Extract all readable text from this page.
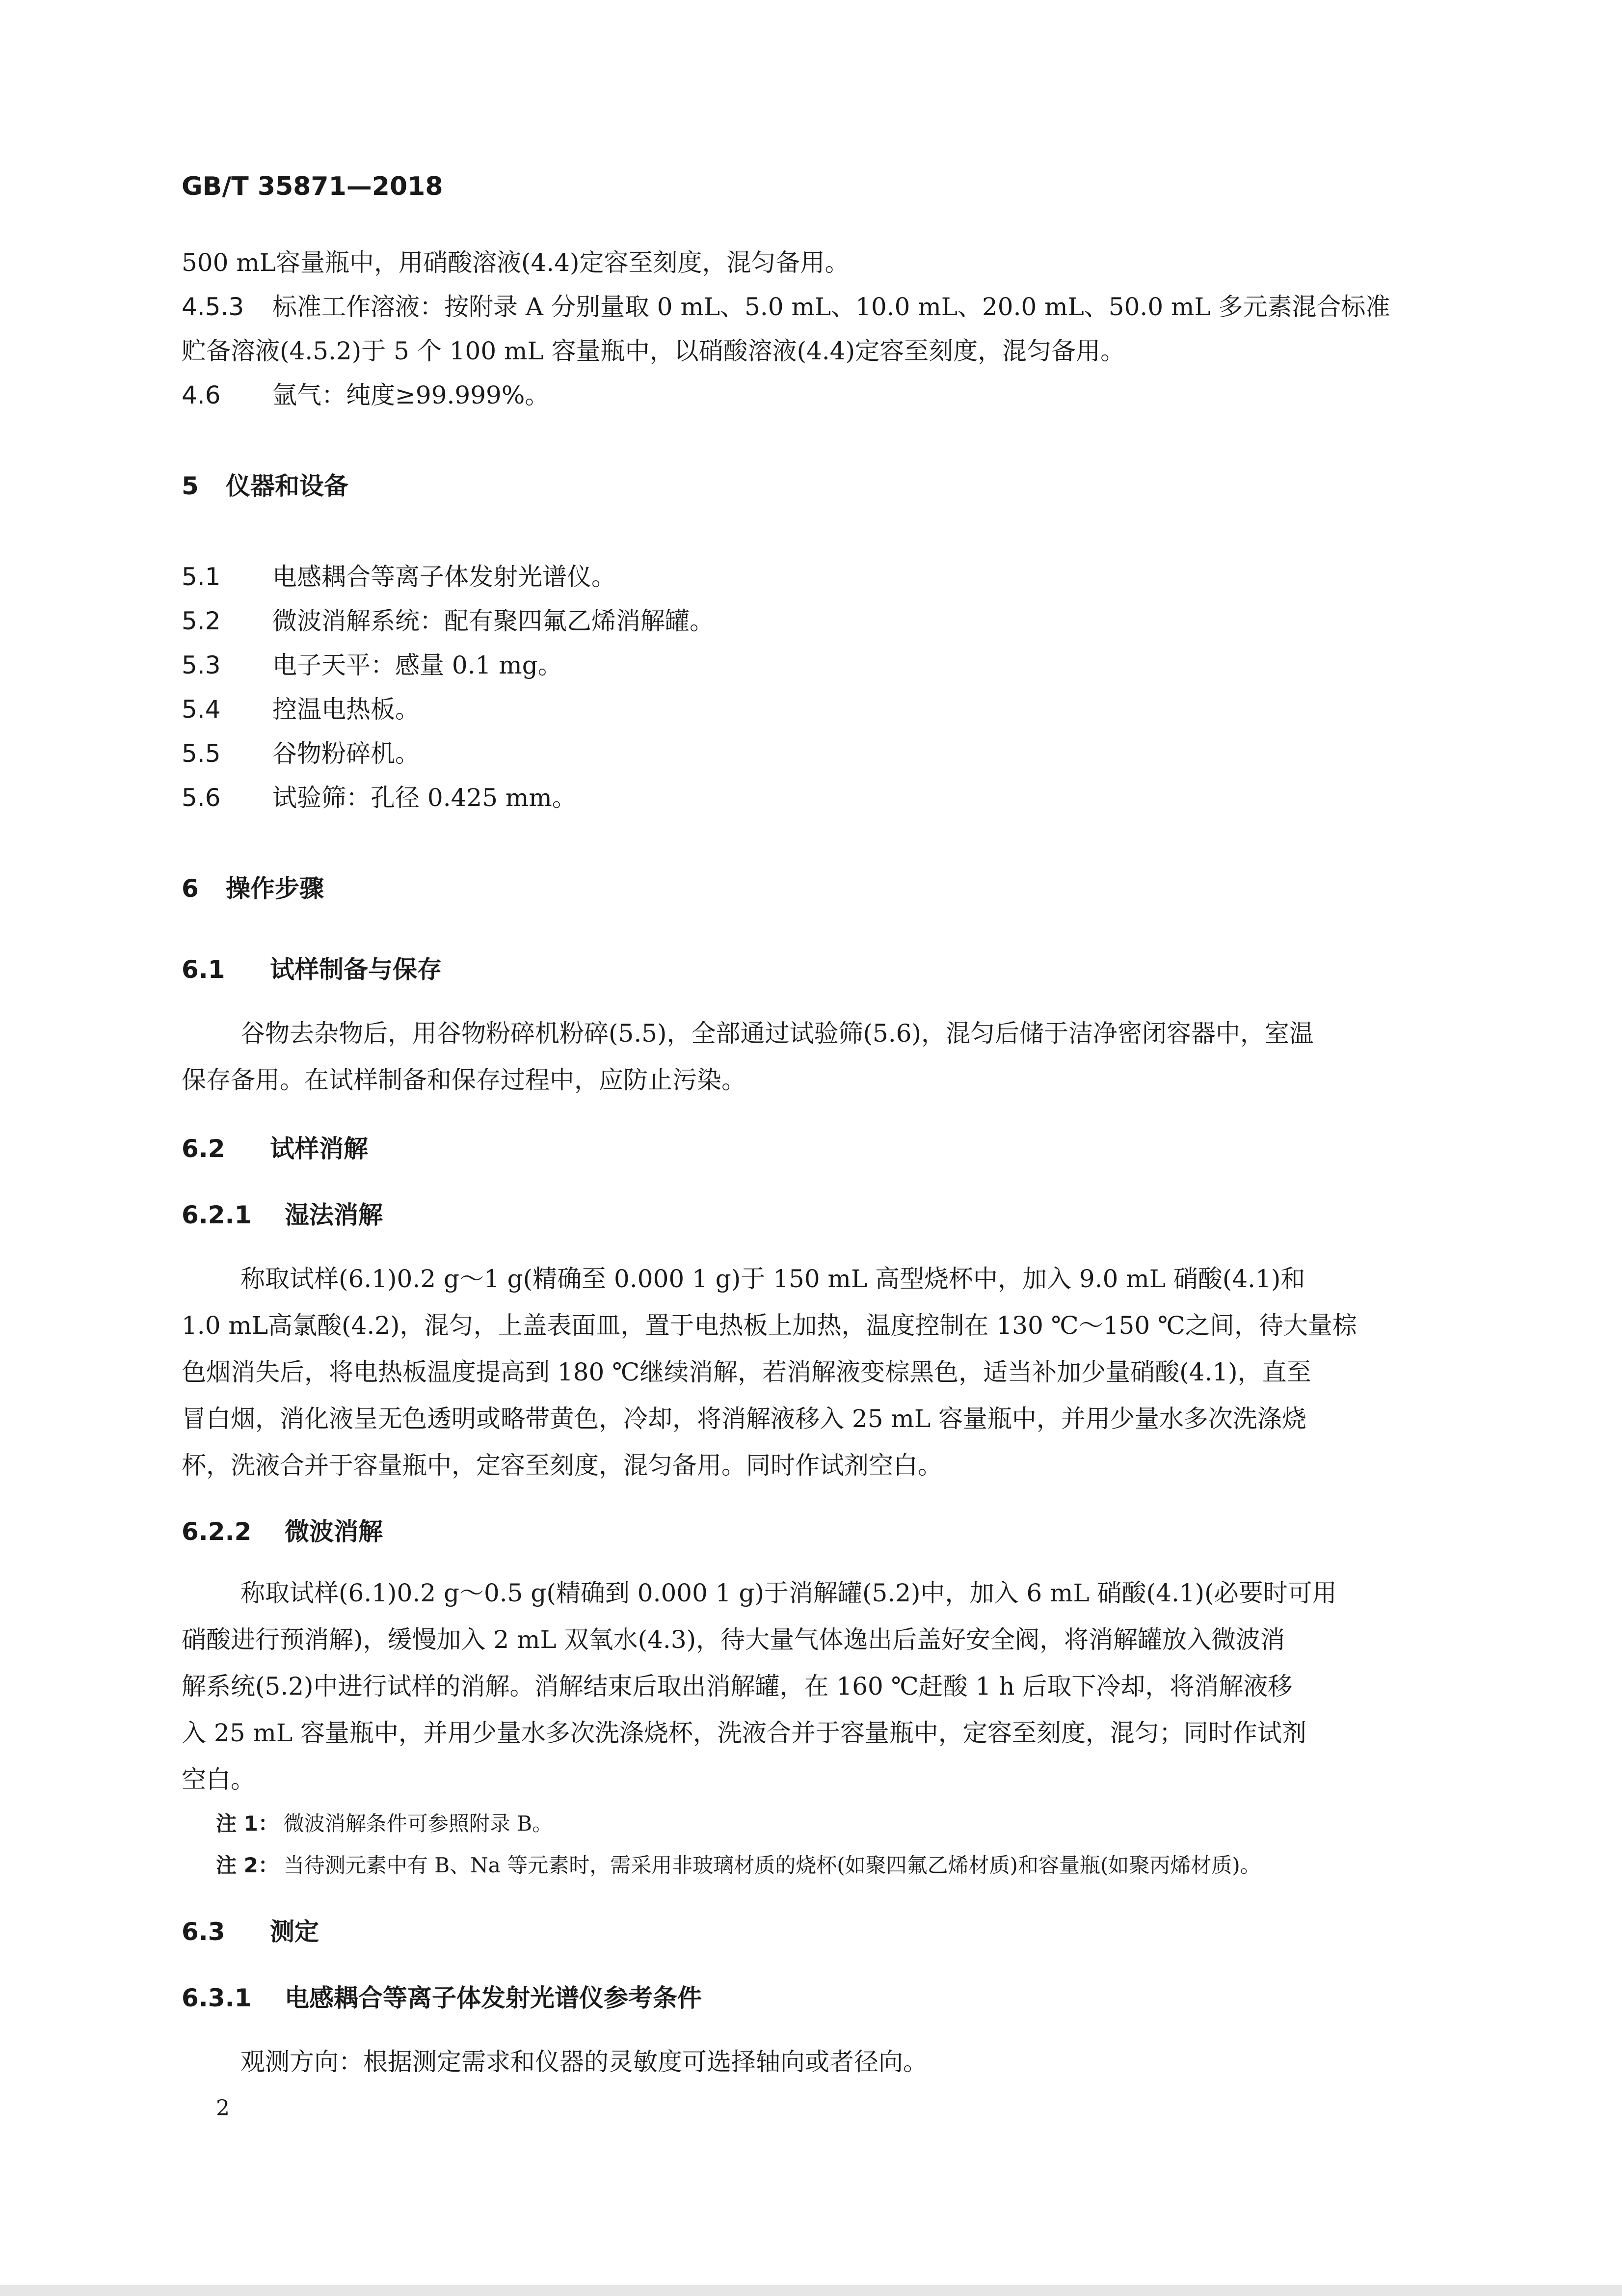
GB/T 35871—2018
500 mL容量瓶中，用硝酸溶液(4.4)定容至刻度，混匀备用。
4.5.3 标准工作溶液：按附录 A 分别量取 0 mL、5.0 mL、10.0 mL、20.0 mL、50.0 mL 多元素混合标准
贮备溶液(4.5.2)于 5 个 100 mL 容量瓶中，以硝酸溶液(4.4)定容至刻度，混匀备用。
4.6 氩气：纯度≥99.999%。
5 仪器和设备
5.1 电感耦合等离子体发射光谱仪。
5.2 微波消解系统：配有聚四氟乙烯消解罐。
5.3 电子天平：感量 0.1 mg。
5.4 控温电热板。
5.5 谷物粉碎机。
5.6 试验筛：孔径 0.425 mm。
6 操作步骤
6.1 试样制备与保存
谷物去杂物后，用谷物粉碎机粉碎(5.5)，全部通过试验筛(5.6)，混匀后储于洁净密闭容器中，室温
保存备用。在试样制备和保存过程中，应防止污染。
6.2 试样消解
6.2.1 湿法消解
称取试样(6.1)0.2 g～1 g(精确至 0.000 1 g)于 150 mL 高型烧杯中，加入 9.0 mL 硝酸(4.1)和
1.0 mL高氯酸(4.2)，混匀，上盖表面皿，置于电热板上加热，温度控制在 130 ℃～150 ℃之间，待大量棕
色烟消失后，将电热板温度提高到 180 ℃继续消解，若消解液变棕黑色，适当补加少量硝酸(4.1)，直至
冒白烟，消化液呈无色透明或略带黄色，冷却，将消解液移入 25 mL 容量瓶中，并用少量水多次洗涤烧
杯，洗液合并于容量瓶中，定容至刻度，混匀备用。同时作试剂空白。
6.2.2 微波消解
称取试样(6.1)0.2 g～0.5 g(精确到 0.000 1 g)于消解罐(5.2)中，加入 6 mL 硝酸(4.1)(必要时可用
硝酸进行预消解)，缓慢加入 2 mL 双氧水(4.3)，待大量气体逸出后盖好安全阀，将消解罐放入微波消
解系统(5.2)中进行试样的消解。消解结束后取出消解罐，在 160 ℃赶酸 1 h 后取下冷却，将消解液移
入 25 mL 容量瓶中，并用少量水多次洗涤烧杯，洗液合并于容量瓶中，定容至刻度，混匀；同时作试剂
空白。
注 1： 微波消解条件可参照附录 B。
注 2： 当待测元素中有 B、Na 等元素时，需采用非玻璃材质的烧杯(如聚四氟乙烯材质)和容量瓶(如聚丙烯材质)。
6.3 测定
6.3.1 电感耦合等离子体发射光谱仪参考条件
观测方向：根据测定需求和仪器的灵敏度可选择轴向或者径向。
2
